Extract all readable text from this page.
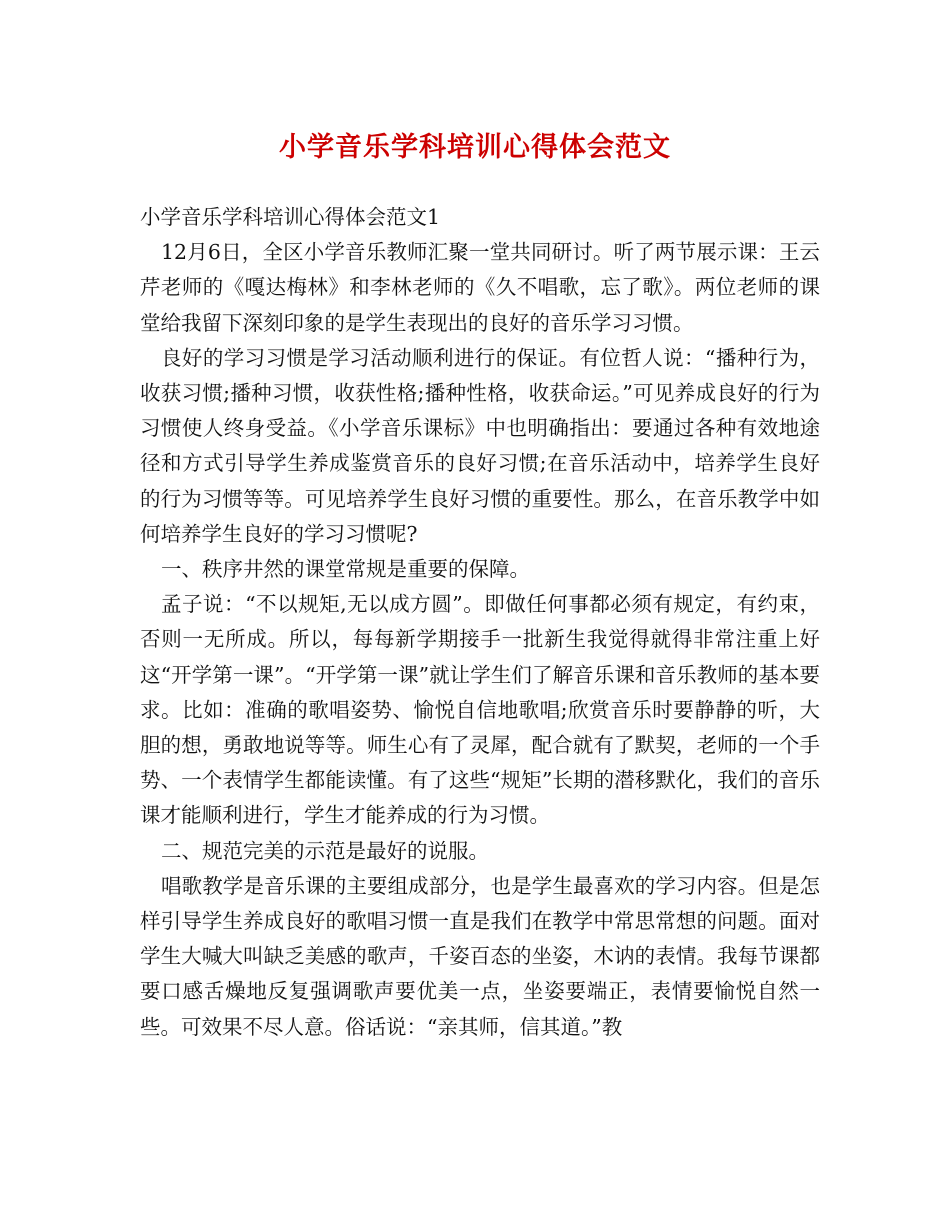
小学音乐学科培训心得体会范文

小学音乐学科培训心得体会范文1

12月6日，全区小学音乐教师汇聚一堂共同研讨。听了两节展示课：王云芹老师的《嘎达梅林》和李林老师的《久不唱歌，忘了歌》。两位老师的课堂给我留下深刻印象的是学生表现出的良好的音乐学习习惯。

良好的学习习惯是学习活动顺利进行的保证。有位哲人说：“播种行为，收获习惯;播种习惯，收获性格;播种性格，收获命运。”可见养成良好的行为习惯使人终身受益。《小学音乐课标》中也明确指出：要通过各种有效地途径和方式引导学生养成鉴赏音乐的良好习惯;在音乐活动中，培养学生良好的行为习惯等等。可见培养学生良好习惯的重要性。那么，在音乐教学中如何培养学生良好的学习习惯呢?

一、秩序井然的课堂常规是重要的保障。

孟子说：“不以规矩,无以成方圆”。即做任何事都必须有规定，有约束，否则一无所成。所以，每每新学期接手一批新生我觉得就得非常注重上好这“开学第一课”。“开学第一课”就让学生们了解音乐课和音乐教师的基本要求。比如：准确的歌唱姿势、愉悦自信地歌唱;欣赏音乐时要静静的听，大胆的想，勇敢地说等等。师生心有了灵犀，配合就有了默契，老师的一个手势、一个表情学生都能读懂。有了这些“规矩”长期的潜移默化，我们的音乐课才能顺利进行，学生才能养成的行为习惯。

二、规范完美的示范是最好的说服。

唱歌教学是音乐课的主要组成部分，也是学生最喜欢的学习内容。但是怎样引导学生养成良好的歌唱习惯一直是我们在教学中常思常想的问题。面对学生大喊大叫缺乏美感的歌声，千姿百态的坐姿，木讷的表情。我每节课都要口感舌燥地反复强调歌声要优美一点，坐姿要端正，表情要愉悦自然一些。可效果不尽人意。俗话说：“亲其师，信其道。”教
